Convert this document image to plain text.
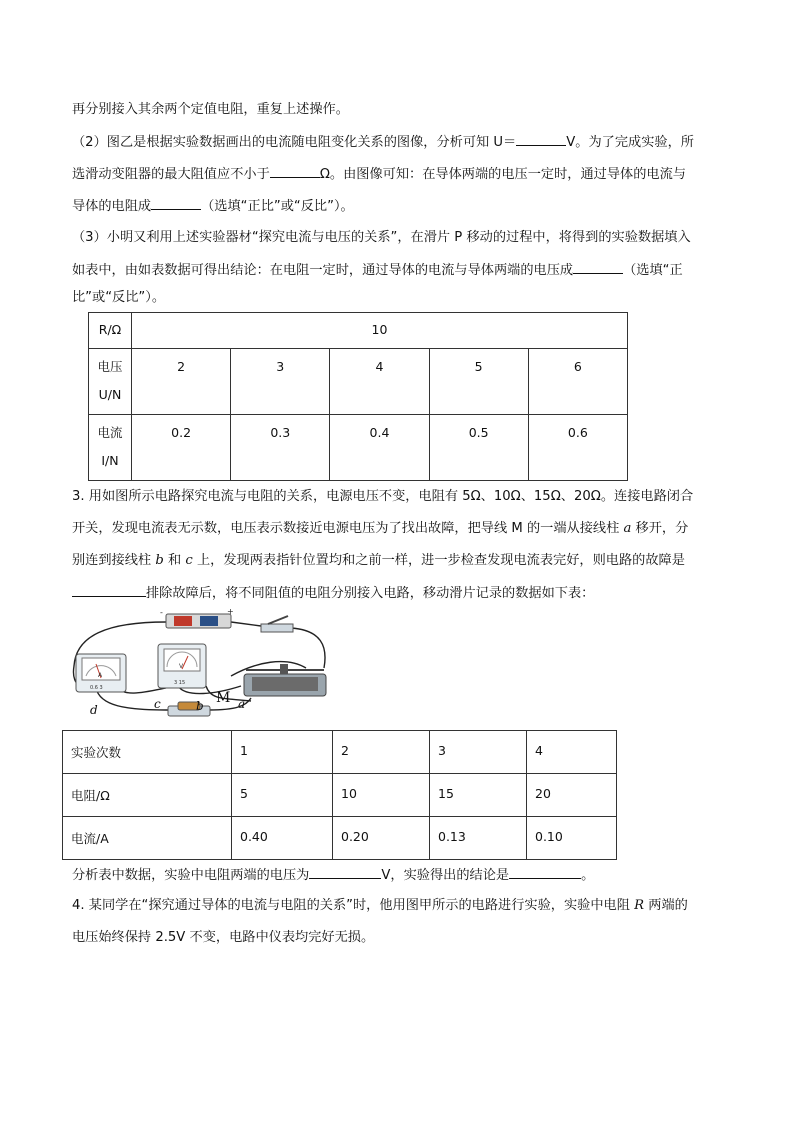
再分别接入其余两个定值电阻，重复上述操作。
（2）图乙是根据实验数据画出的电流随电阻变化关系的图像，分析可知 U＝	V。为了完成实验，所
选滑动变阻器的最大阻值应不小于	Ω。由图像可知：在导体两端的电压一定时，通过导体的电流与
导体的电阻成	（选填“正比”或“反比”）。
（3）小明又利用上述实验器材“探究电流与电压的关系”，在滑片 P 移动的过程中，将得到的实验数据填入
如表中，由如表数据可得出结论：在电阻一定时，通过导体的电流与导体两端的电压成	（选填“正
比”或“反比”）。
R/Ω	10				
电压
U/N	2	3	4	5	6
电流
I/N	0.2	0.3	0.4	0.5	0.6
3. 用如图所示电路探究电流与电阻的关系，电源电压不变，电阻有 5Ω、10Ω、15Ω、20Ω。连接电路闭合
开关，发现电流表无示数，电压表示数接近电源电压为了找出故障，把导线 M 的一端从接线柱 a 移开，分
别连到接线柱 b 和 c 上，发现两表指针位置均和之前一样，进一步检查发现电流表完好，则电路的故障是
排除故障后，将不同阻值的电阻分别接入电路，移动滑片记录的数据如下表：
-	+
A
0.6 3
V
3 15
M a
b
c
d
实验次数	1	2	3	4
电阻/Ω	5	10	15	20
电流/A	0.40	0.20	0.13	0.10
分析表中数据，实验中电阻两端的电压为	V，实验得出的结论是	。
4. 某同学在“探究通过导体的电流与电阻的关系”时，他用图甲所示的电路进行实验，实验中电阻 R 两端的
电压始终保持 2.5V 不变，电路中仪表均完好无损。
